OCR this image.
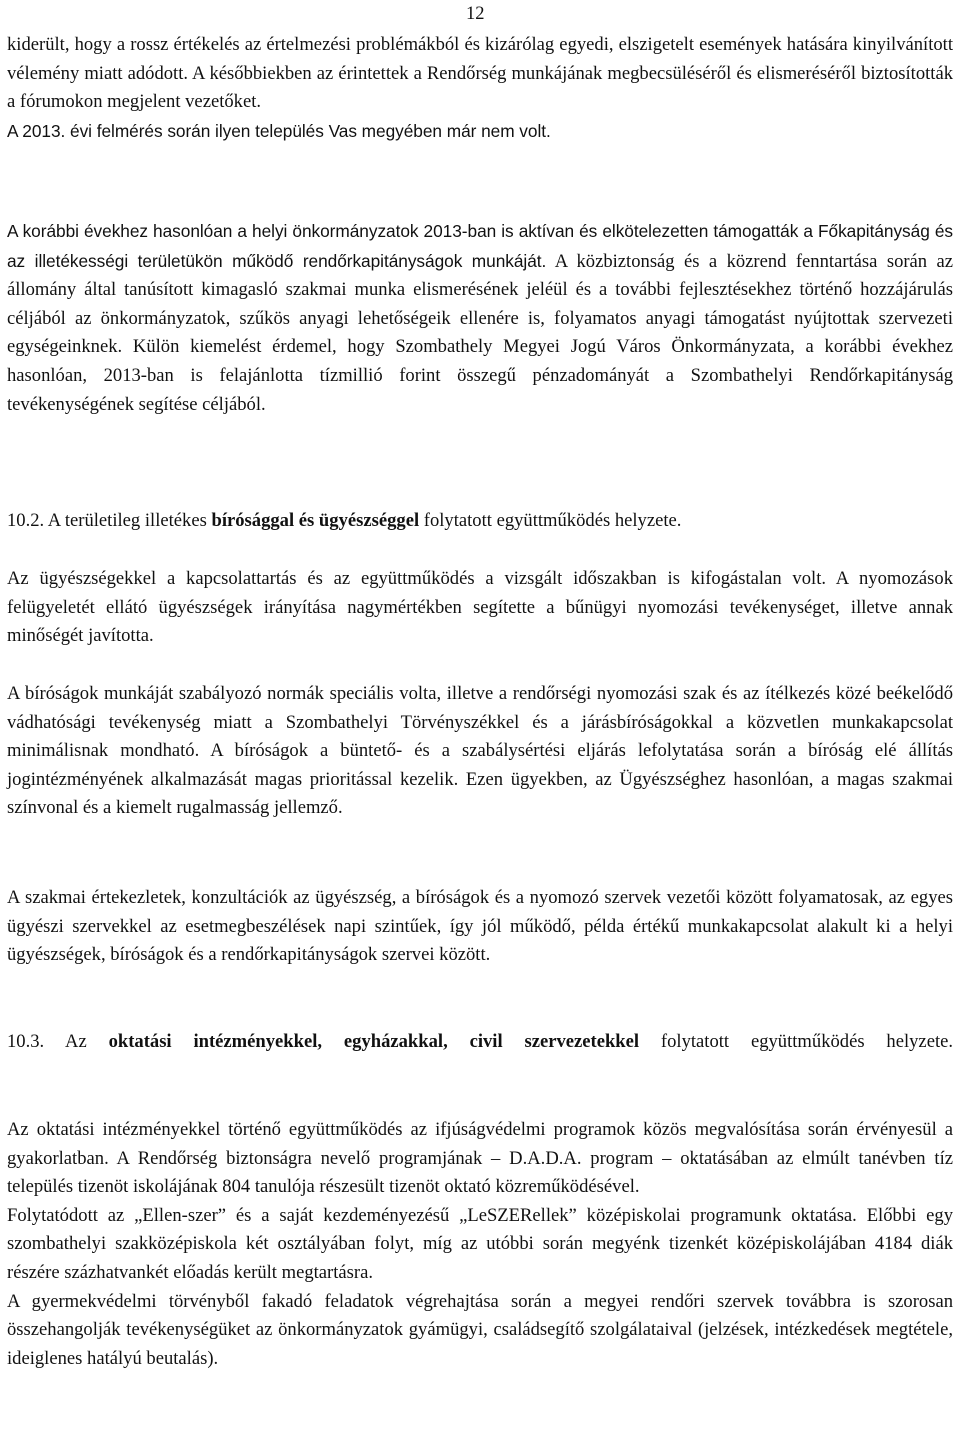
12

kiderült, hogy a rossz értékelés az értelmezési problémákból és kizárólag egyedi, elszigetelt események hatására kinyilvánított vélemény miatt adódott. A későbbiekben az érintettek a Rendőrség munkájának megbecsüléséről és elismeréséről biztosították a fórumokon megjelent vezetőket.
A 2013. évi felmérés során ilyen település Vas megyében már nem volt.

A korábbi évekhez hasonlóan a helyi önkormányzatok 2013-ban is aktívan és elkötelezetten támogatták a Főkapitányság és az illetékességi területükön működő rendőrkapitányságok munkáját. A közbiztonság és a közrend fenntartása során az állomány által tanúsított kimagasló szakmai munka elismerésének jeléül és a további fejlesztésekhez történő hozzájárulás céljából az önkormányzatok, szűkös anyagi lehetőségeik ellenére is, folyamatos anyagi támogatást nyújtottak szervezeti egységeinknek. Külön kiemelést érdemel, hogy Szombathely Megyei Jogú Város Önkormányzata, a korábbi évekhez hasonlóan, 2013-ban is felajánlotta tízmillió forint összegű pénzadományát a Szombathelyi Rendőrkapitányság tevékenységének segítése céljából.

10.2. A területileg illetékes bírósággal és ügyészséggel folytatott együttműködés helyzete.

Az ügyészségekkel a kapcsolattartás és az együttműködés a vizsgált időszakban is kifogástalan volt. A nyomozások felügyeletét ellátó ügyészségek irányítása nagymértékben segítette a bűnügyi nyomozási tevékenységet, illetve annak minőségét javította.

A bíróságok munkáját szabályozó normák speciális volta, illetve a rendőrségi nyomozási szak és az ítélkezés közé beékelődő vádhatósági tevékenység miatt a Szombathelyi Törvényszékkel és a járásbíróságokkal a közvetlen munkakapcsolat minimálisnak mondható. A bíróságok a büntető- és a szabálysértési eljárás lefolytatása során a bíróság elé állítás jogintézményének alkalmazását magas prioritással kezelik. Ezen ügyekben, az Ügyészséghez hasonlóan, a magas szakmai színvonal és a kiemelt rugalmasság jellemző.

A szakmai értekezletek, konzultációk az ügyészség, a bíróságok és a nyomozó szervek vezetői között folyamatosak, az egyes ügyészi szervekkel az esetmegbeszélések napi szintűek, így jól működő, példa értékű munkakapcsolat alakult ki a helyi ügyészségek, bíróságok és a rendőrkapitányságok szervei között.

10.3. Az oktatási intézményekkel, egyházakkal, civil szervezetekkel folytatott együttműködés helyzete.
Az oktatási intézményekkel történő együttműködés az ifjúságvédelmi programok közös megvalósítása során érvényesül a gyakorlatban. A Rendőrség biztonságra nevelő programjának – D.A.D.A. program – oktatásában az elmúlt tanévben tíz település tizenöt iskolájának 804 tanulója részesült tizenöt oktató közreműködésével.
Folytatódott az „Ellen-szer” és a saját kezdeményezésű „LeSZERellek” középiskolai programunk oktatása. Előbbi egy szombathelyi szakközépiskola két osztályában folyt, míg az utóbbi során megyénk tizenkét középiskolájában 4184 diák részére százhatvankét előadás került megtartásra.
A gyermekvédelmi törvényből fakadó feladatok végrehajtása során a megyei rendőri szervek továbbra is szorosan összehangolják tevékenységüket az önkormányzatok gyámügyi, családsegítő szolgálataival (jelzések, intézkedések megtétele, ideiglenes hatályú beutalás).
